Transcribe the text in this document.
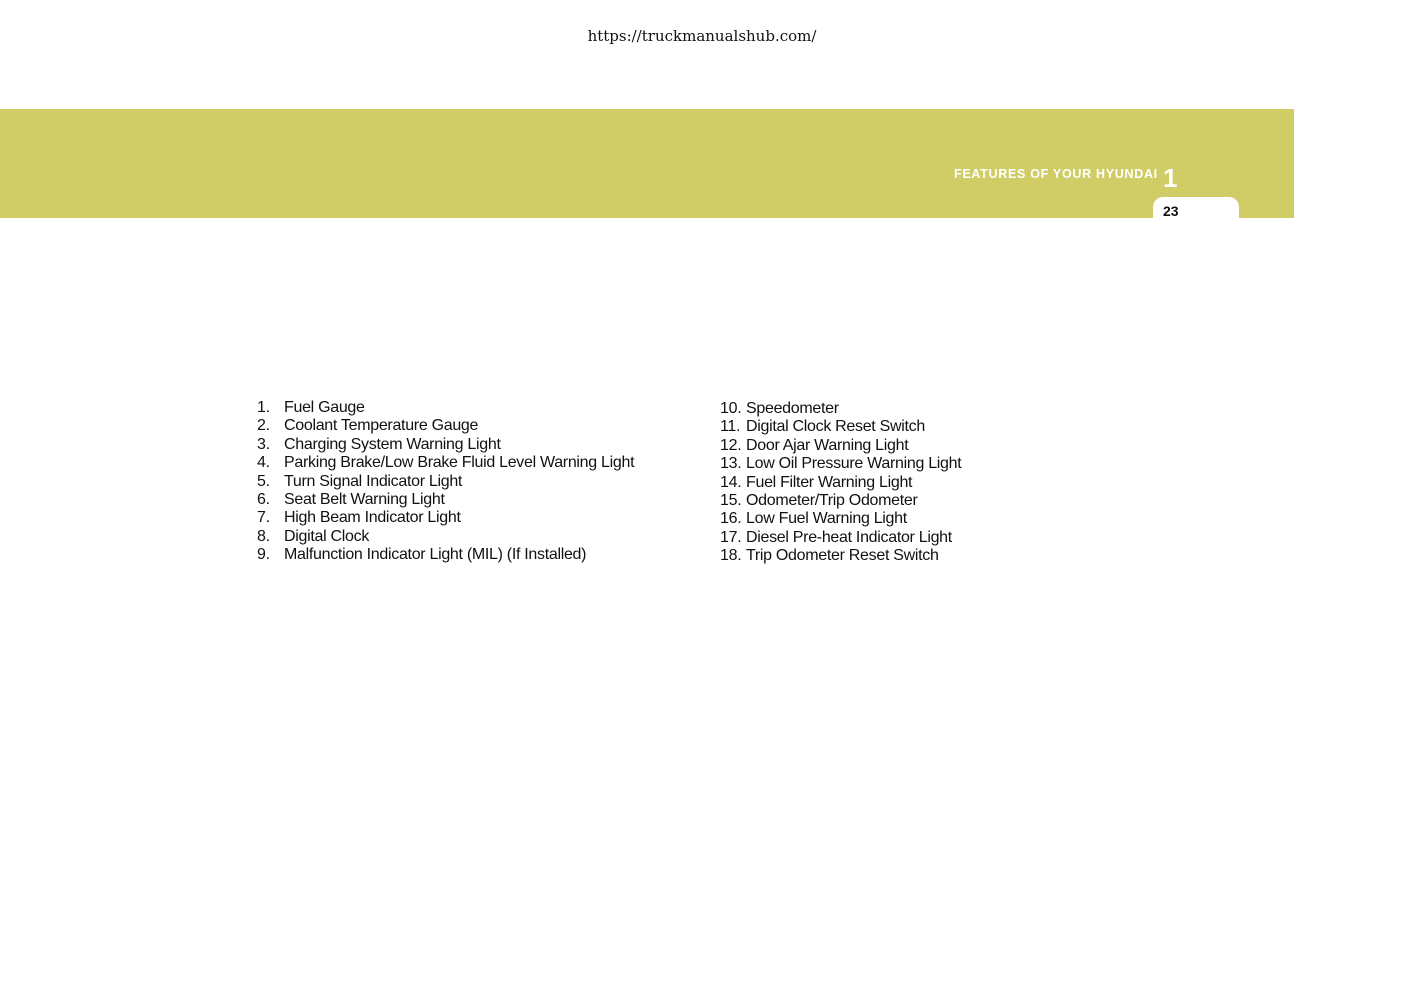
https://truckmanualshub.com/
FEATURES OF YOUR HYUNDAI 1
23
1. Fuel Gauge
2. Coolant Temperature Gauge
3. Charging System Warning Light
4. Parking Brake/Low Brake Fluid Level Warning Light
5. Turn Signal Indicator Light
6. Seat Belt Warning Light
7. High Beam Indicator Light
8. Digital Clock
9. Malfunction Indicator Light (MIL) (If Installed)
10. Speedometer
11. Digital Clock Reset Switch
12. Door Ajar Warning Light
13. Low Oil Pressure Warning Light
14. Fuel Filter Warning Light
15. Odometer/Trip Odometer
16. Low Fuel Warning Light
17. Diesel Pre-heat Indicator Light
18. Trip Odometer Reset Switch
